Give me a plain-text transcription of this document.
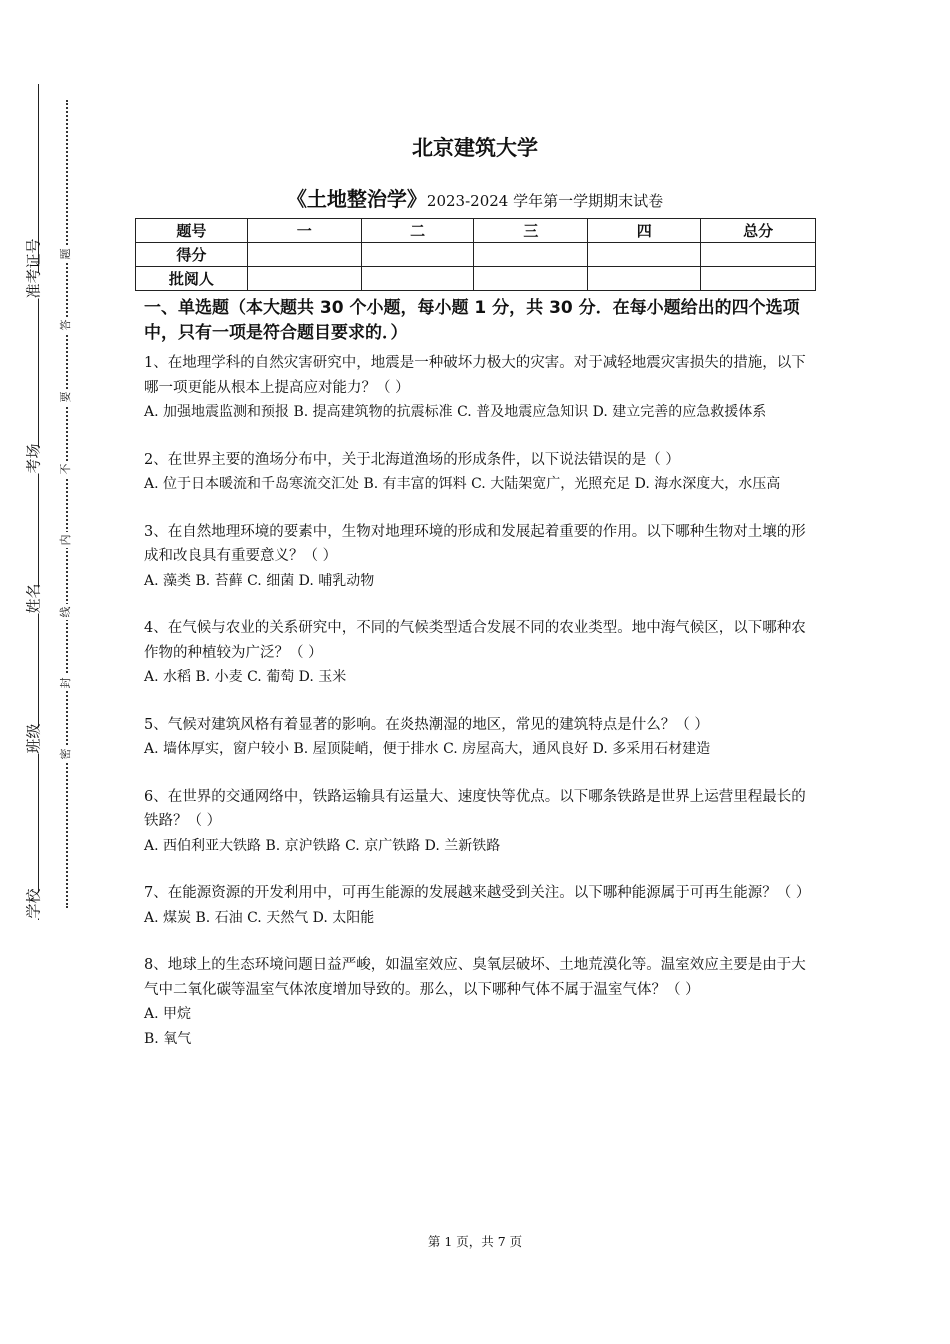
准考证号
考场
姓名
班级
学校
题
答
要
不
内
线
封
密
北京建筑大学
《土地整治学》2023-2024 学年第一学期期末试卷
题号	一	二	三	四	总分
得分					
批阅人					
一、单选题（本大题共 30 个小题，每小题 1 分，共 30 分．在每小题给出的四个选项中，只有一项是符合题目要求的．）
1、在地理学科的自然灾害研究中，地震是一种破坏力极大的灾害。对于减轻地震灾害损失的措施，以下哪一项更能从根本上提高应对能力？（ ）
A. 加强地震监测和预报 B. 提高建筑物的抗震标准 C. 普及地震应急知识 D. 建立完善的应急救援体系
2、在世界主要的渔场分布中，关于北海道渔场的形成条件，以下说法错误的是（ ）
A. 位于日本暖流和千岛寒流交汇处 B. 有丰富的饵料 C. 大陆架宽广，光照充足 D. 海水深度大，水压高
3、在自然地理环境的要素中，生物对地理环境的形成和发展起着重要的作用。以下哪种生物对土壤的形成和改良具有重要意义？（ ）
A. 藻类 B. 苔藓 C. 细菌 D. 哺乳动物
4、在气候与农业的关系研究中，不同的气候类型适合发展不同的农业类型。地中海气候区，以下哪种农作物的种植较为广泛？（ ）
A. 水稻 B. 小麦 C. 葡萄 D. 玉米
5、气候对建筑风格有着显著的影响。在炎热潮湿的地区，常见的建筑特点是什么？（ ）
A. 墙体厚实，窗户较小 B. 屋顶陡峭，便于排水 C. 房屋高大，通风良好 D. 多采用石材建造
6、在世界的交通网络中，铁路运输具有运量大、速度快等优点。以下哪条铁路是世界上运营里程最长的铁路？（ ）
A. 西伯利亚大铁路 B. 京沪铁路 C. 京广铁路 D. 兰新铁路
7、在能源资源的开发利用中，可再生能源的发展越来越受到关注。以下哪种能源属于可再生能源？（ ）
A. 煤炭 B. 石油 C. 天然气 D. 太阳能
8、地球上的生态环境问题日益严峻，如温室效应、臭氧层破坏、土地荒漠化等。温室效应主要是由于大气中二氧化碳等温室气体浓度增加导致的。那么，以下哪种气体不属于温室气体？（ ）
A. 甲烷
B. 氧气
第 1 页，共 7 页
